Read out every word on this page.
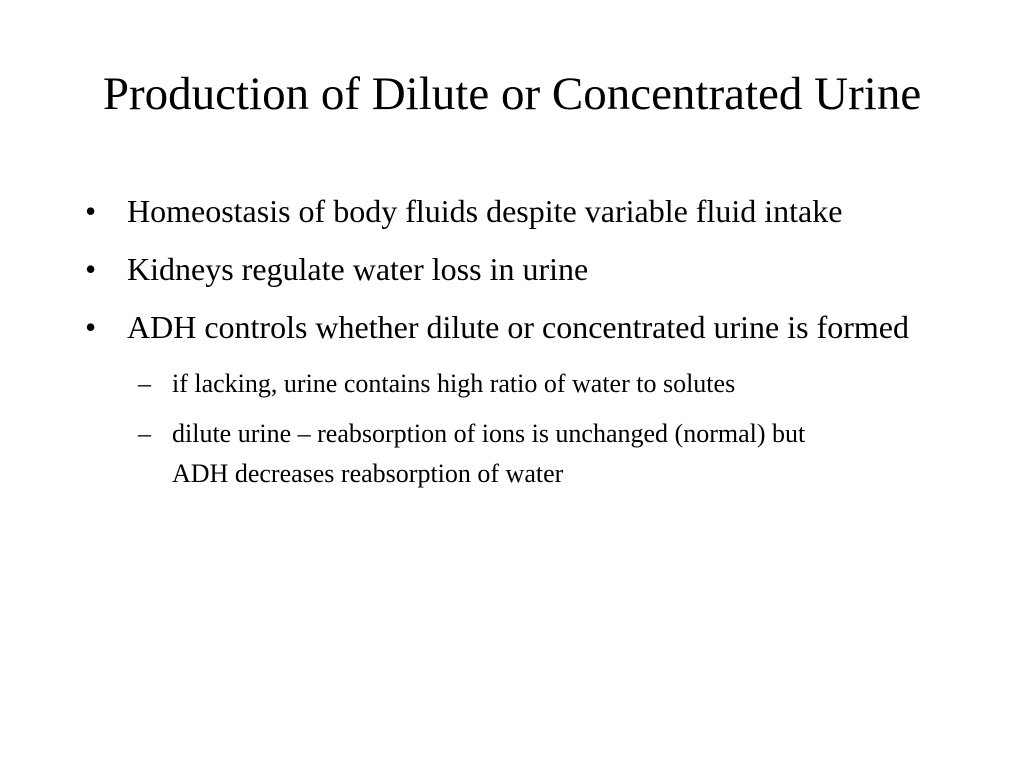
Production of Dilute or Concentrated Urine
• Homeostasis of body fluids despite variable fluid intake
• Kidneys regulate water loss in urine
• ADH controls whether dilute or concentrated urine is formed
– if lacking, urine contains high ratio of water to solutes
– dilute urine – reabsorption of ions is unchanged (normal) but ADH decreases reabsorption of water
